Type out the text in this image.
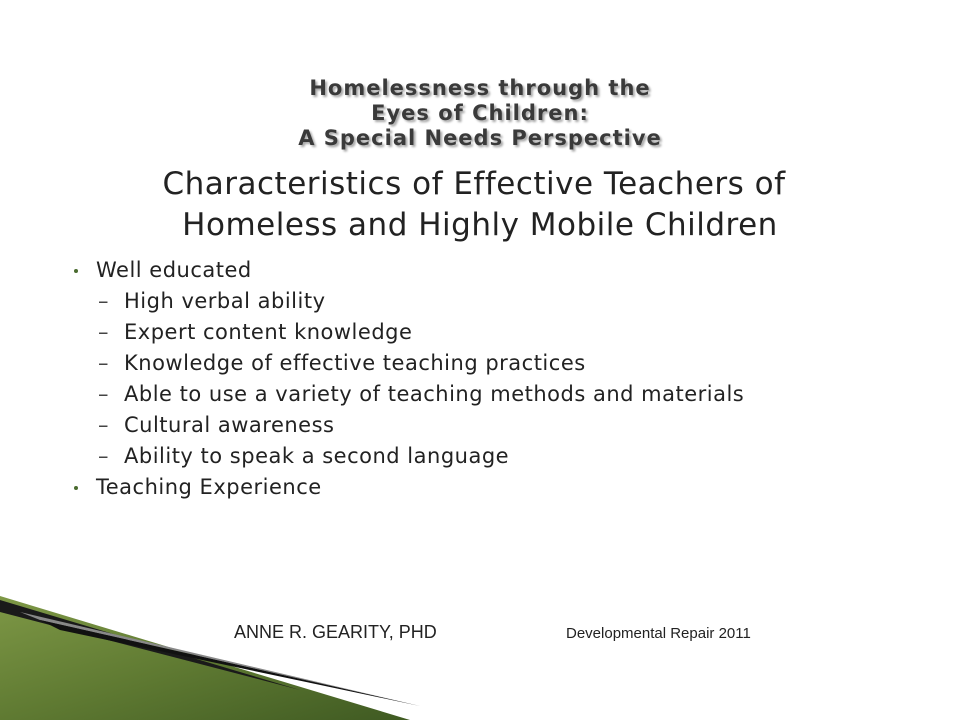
Homelessness through the
Eyes of Children:
A Special Needs Perspective
Characteristics of Effective Teachers of
Homeless and Highly Mobile Children
Well educated
– High verbal ability
– Expert content knowledge
– Knowledge of effective teaching practices
– Able to use a variety of teaching methods and materials
– Cultural awareness
– Ability to speak a second language
Teaching Experience
ANNE R. GEARITY, PHD	Developmental Repair 2011
